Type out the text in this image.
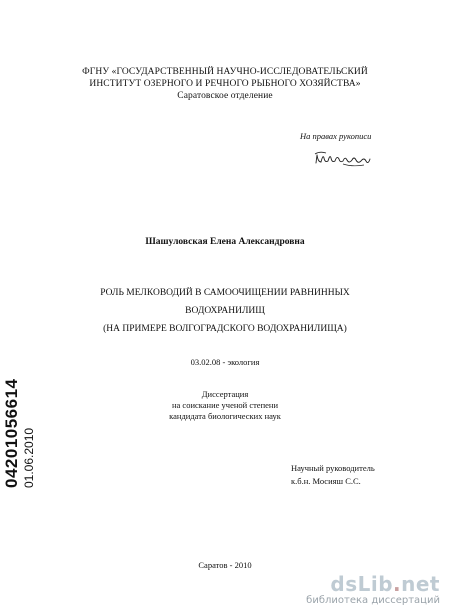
ФГНУ «ГОСУДАРСТВЕННЫЙ НАУЧНО-ИССЛЕДОВАТЕЛЬСКИЙ
ИНСТИТУТ ОЗЕРНОГО И РЕЧНОГО РЫБНОГО ХОЗЯЙСТВА»
Саратовское отделение
На правах рукописи
Шашуловская Елена Александровна
РОЛЬ МЕЛКОВОДИЙ В САМООЧИЩЕНИИ РАВНИННЫХ
ВОДОХРАНИЛИЩ
(НА ПРИМЕРЕ ВОЛГОГРАДСКОГО ВОДОХРАНИЛИЩА)
03.02.08 - экология
Диссертация
на соискание ученой степени
кандидата биологических наук
Научный руководитель
к.б.н. Мосияш С.С.
Саратов - 2010
04201056614 01.06.2010
dsLib.net
библиотека диссертаций
